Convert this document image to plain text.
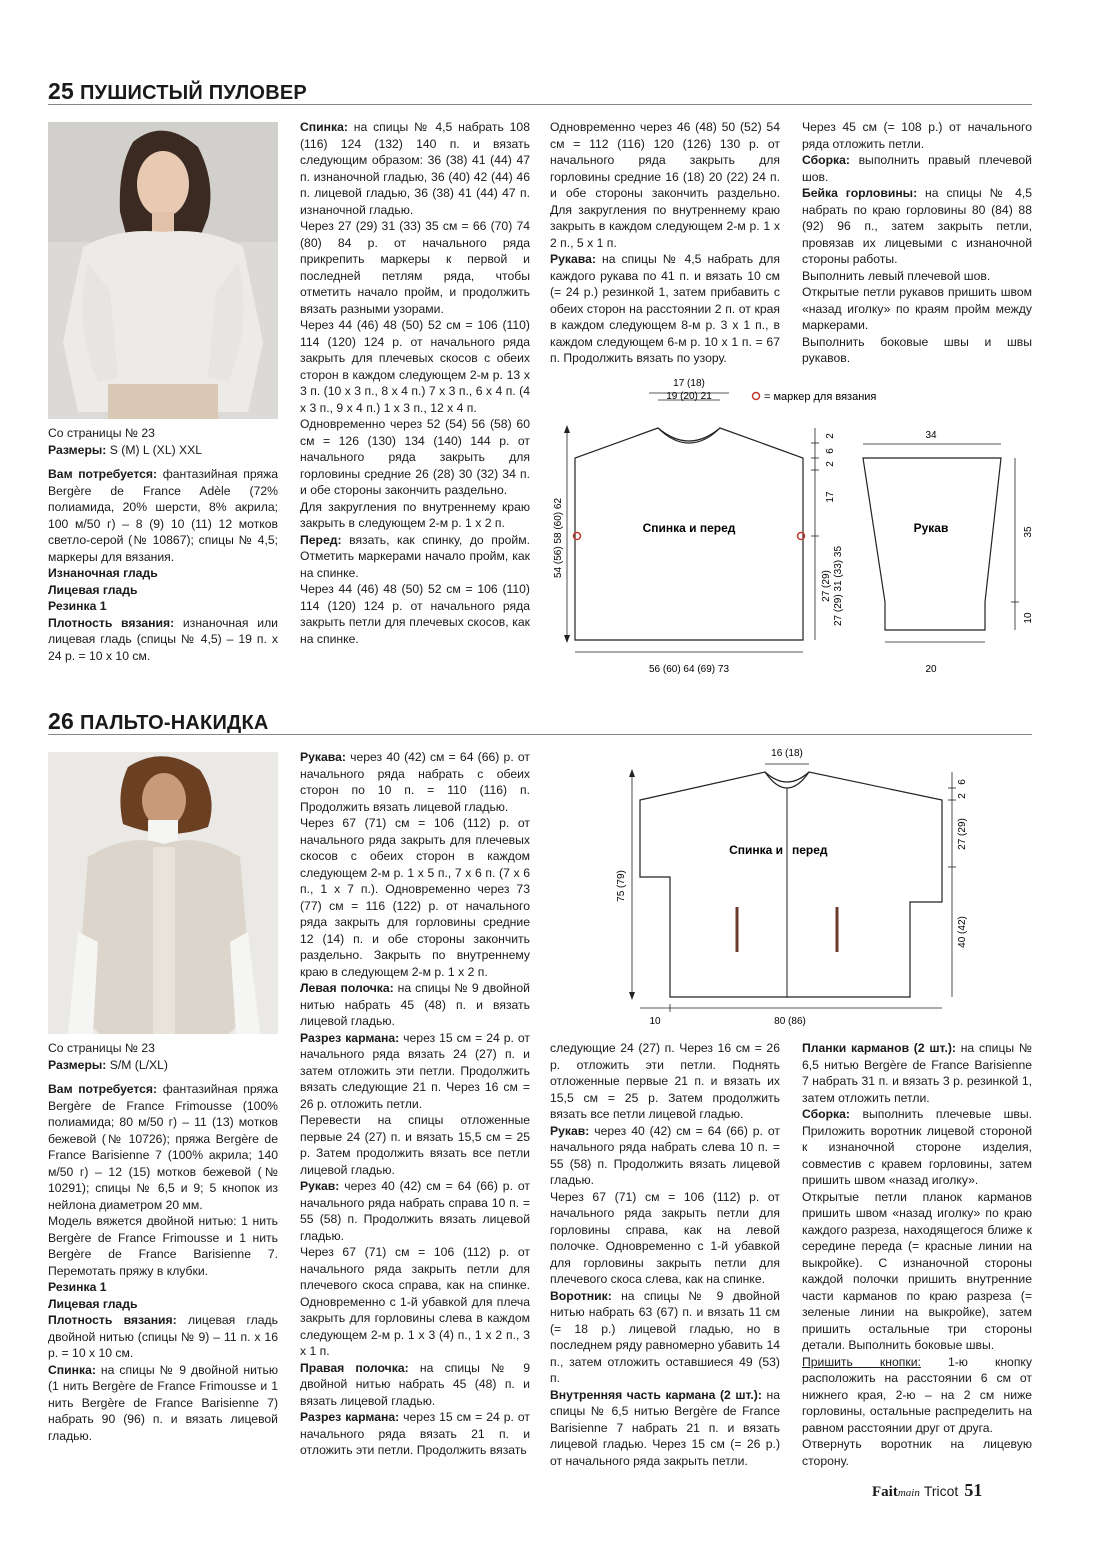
25 ПУШИСТЫЙ ПУЛОВЕР

Со страницы № 23

Размеры: S (M) L (XL) XXL

Вам потребуется: фантазийная пряжа Bergère de France Adèle (72% полиамида, 20% шерсти, 8% акрила; 100 м/50 г) – 8 (9) 10 (11) 12 мотков светло-серой (№ 10867); спицы № 4,5; маркеры для вязания.

Изнаночная гладь

Лицевая гладь

Резинка 1

Плотность вязания: изнаночная или лицевая гладь (спицы № 4,5) – 19 п. х 24 р. = 10 х 10 см.

Спинка: на спицы № 4,5 набрать 108 (116) 124 (132) 140 п. и вязать следующим образом: 36 (38) 41 (44) 47 п. изнаночной гладью, 36 (40) 42 (44) 46 п. лицевой гладью, 36 (38) 41 (44) 47 п. изнаночной гладью.

Через 27 (29) 31 (33) 35 см = 66 (70) 74 (80) 84 р. от начального ряда прикрепить маркеры к первой и последней петлям ряда, чтобы отметить начало пройм, и продолжить вязать разными узорами.

Через 44 (46) 48 (50) 52 см = 106 (110) 114 (120) 124 р. от начального ряда закрыть для плечевых скосов с обеих сторон в каждом следующем 2-м р. 13 х 3 п. (10 х 3 п., 8 х 4 п.) 7 х 3 п., 6 х 4 п. (4 х 3 п., 9 х 4 п.) 1 х 3 п., 12 х 4 п.

Одновременно через 52 (54) 56 (58) 60 см = 126 (130) 134 (140) 144 р. от начального ряда закрыть для горловины средние 26 (28) 30 (32) 34 п. и обе стороны закончить раздельно.

Для закругления по внутреннему краю закрыть в следующем 2-м р. 1 х 2 п.

Перед: вязать, как спинку, до пройм. Отметить маркерами начало пройм, как на спинке.

Через 44 (46) 48 (50) 52 см = 106 (110) 114 (120) 124 р. от начального ряда закрыть петли для плечевых скосов, как на спинке.

Одновременно через 46 (48) 50 (52) 54 см = 112 (116) 120 (126) 130 р. от начального ряда закрыть для горловины средние 16 (18) 20 (22) 24 п. и обе стороны закончить раздельно. Для закругления по внутреннему краю закрыть в каждом следующем 2-м р. 1 х 2 п., 5 х 1 п.

Рукава: на спицы № 4,5 набрать для каждого рукава по 41 п. и вязать 10 см (= 24 р.) резинкой 1, затем прибавить с обеих сторон на расстоянии 2 п. от края в каждом следующем 8-м р. 3 х 1 п., в каждом следующем 6-м р. 10 х 1 п. = 67 п. Продолжить вязать по узору.

Через 45 см (= 108 р.) от начального ряда отложить петли.

Сборка: выполнить правый плечевой шов.

Бейка горловины: на спицы № 4,5 набрать по краю горловины 80 (84) 88 (92) 96 п., затем закрыть петли, провязав их лицевыми с изнаночной стороны работы.

Выполнить левый плечевой шов.

Открытые петли рукавов пришить швом «назад иголку» по краям пройм между маркерами.

Выполнить боковые швы и швы рукавов.

17 (18)
19 (20) 21	= маркер для вязания
Спинка и перед	Рукав
54 (56) 58 (60) 62
2
6
2
17
27 (29) 27 (29) 31 (33) 35
56 (60) 64 (69) 73
34
35
10
20
26 ПАЛЬТО-НАКИДКА

Со страницы № 23

Размеры: S/M (L/XL)

Вам потребуется: фантазийная пряжа Bergère de France Frimousse (100% полиамида; 80 м/50 г) – 11 (13) мотков бежевой (№ 10726); пряжа Bergère de France Barisienne 7 (100% акрила; 140 м/50 г) – 12 (15) мотков бежевой (№ 10291); спицы № 6,5 и 9; 5 кнопок из нейлона диаметром 20 мм.

Модель вяжется двойной нитью: 1 нить Bergère de France Frimousse и 1 нить Bergère de France Barisienne 7. Перемотать пряжу в клубки.

Резинка 1

Лицевая гладь

Плотность вязания: лицевая гладь двойной нитью (спицы № 9) – 11 п. х 16 р. = 10 х 10 см.

Спинка: на спицы № 9 двойной нитью (1 нить Bergère de France Frimousse и 1 нить Bergère de France Barisienne 7) набрать 90 (96) п. и вязать лицевой гладью.

Рукава: через 40 (42) см = 64 (66) р. от начального ряда набрать с обеих сторон по 10 п. = 110 (116) п. Продолжить вязать лицевой гладью.

Через 67 (71) см = 106 (112) р. от начального ряда закрыть для плечевых скосов с обеих сторон в каждом следующем 2-м р. 1 х 5 п., 7 х 6 п. (7 х 6 п., 1 х 7 п.). Одновременно через 73 (77) см = 116 (122) р. от начального ряда закрыть для горловины средние 12 (14) п. и обе стороны закончить раздельно. Закрыть по внутреннему краю в следующем 2-м р. 1 х 2 п.

Левая полочка: на спицы № 9 двойной нитью набрать 45 (48) п. и вязать лицевой гладью.

Разрез кармана: через 15 см = 24 р. от начального ряда вязать 24 (27) п. и затем отложить эти петли. Продолжить вязать следующие 21 п. Через 16 см = 26 р. отложить петли.

Перевести на спицы отложенные первые 24 (27) п. и вязать 15,5 см = 25 р. Затем продолжить вязать все петли лицевой гладью.

Рукав: через 40 (42) см = 64 (66) р. от начального ряда набрать справа 10 п. = 55 (58) п. Продолжить вязать лицевой гладью.

Через 67 (71) см = 106 (112) р. от начального ряда закрыть петли для плечевого скоса справа, как на спинке. Одновременно с 1-й убавкой для плеча закрыть для горловины слева в каждом следующем 2-м р. 1 х 3 (4) п., 1 х 2 п., 3 х 1 п.

Правая полочка: на спицы № 9 двойной нитью набрать 45 (48) п. и вязать лицевой гладью.

Разрез кармана: через 15 см = 24 р. от начального ряда вязать 21 п. и отложить эти петли. Продолжить вязать

16 (18)
Спинка и перед
75 (79)
6
2
27 (29)
40 (42)
10	80 (86)

следующие 24 (27) п. Через 16 см = 26 р. отложить эти петли. Поднять отложенные первые 21 п. и вязать их 15,5 см = 25 р. Затем продолжить вязать все петли лицевой гладью.

Рукав: через 40 (42) см = 64 (66) р. от начального ряда набрать слева 10 п. = 55 (58) п. Продолжить вязать лицевой гладью.

Через 67 (71) см = 106 (112) р. от начального ряда закрыть петли для горловины справа, как на левой полочке. Одновременно с 1-й убавкой для горловины закрыть петли для плечевого скоса слева, как на спинке.

Воротник: на спицы № 9 двойной нитью набрать 63 (67) п. и вязать 11 см (= 18 р.) лицевой гладью, но в последнем ряду равномерно убавить 14 п., затем отложить оставшиеся 49 (53) п.

Внутренняя часть кармана (2 шт.): на спицы № 6,5 нитью Bergère de France Barisienne 7 набрать 21 п. и вязать лицевой гладью. Через 15 см (= 26 р.) от начального ряда закрыть петли.

Планки карманов (2 шт.): на спицы № 6,5 нитью Bergère de France Barisienne 7 набрать 31 п. и вязать 3 р. резинкой 1, затем отложить петли.

Сборка: выполнить плечевые швы. Приложить воротник лицевой стороной к изнаночной стороне изделия, совместив с кравем горловины, затем пришить швом «назад иголку».

Открытые петли планок карманов пришить швом «назад иголку» по краю каждого разреза, находящегося ближе к середине переда (= красные линии на выкройке). С изнаночной стороны каждой полочки пришить внутренние части карманов по краю разреза (= зеленые линии на выкройке), затем пришить остальные три стороны детали. Выполнить боковые швы.

Пришить кнопки: 1-ю кнопку расположить на расстоянии 6 см от нижнего края, 2-ю – на 2 см ниже горловины, остальные распределить на равном расстоянии друг от друга.

Отвернуть воротник на лицевую сторону.

Faitmain Tricot 51
